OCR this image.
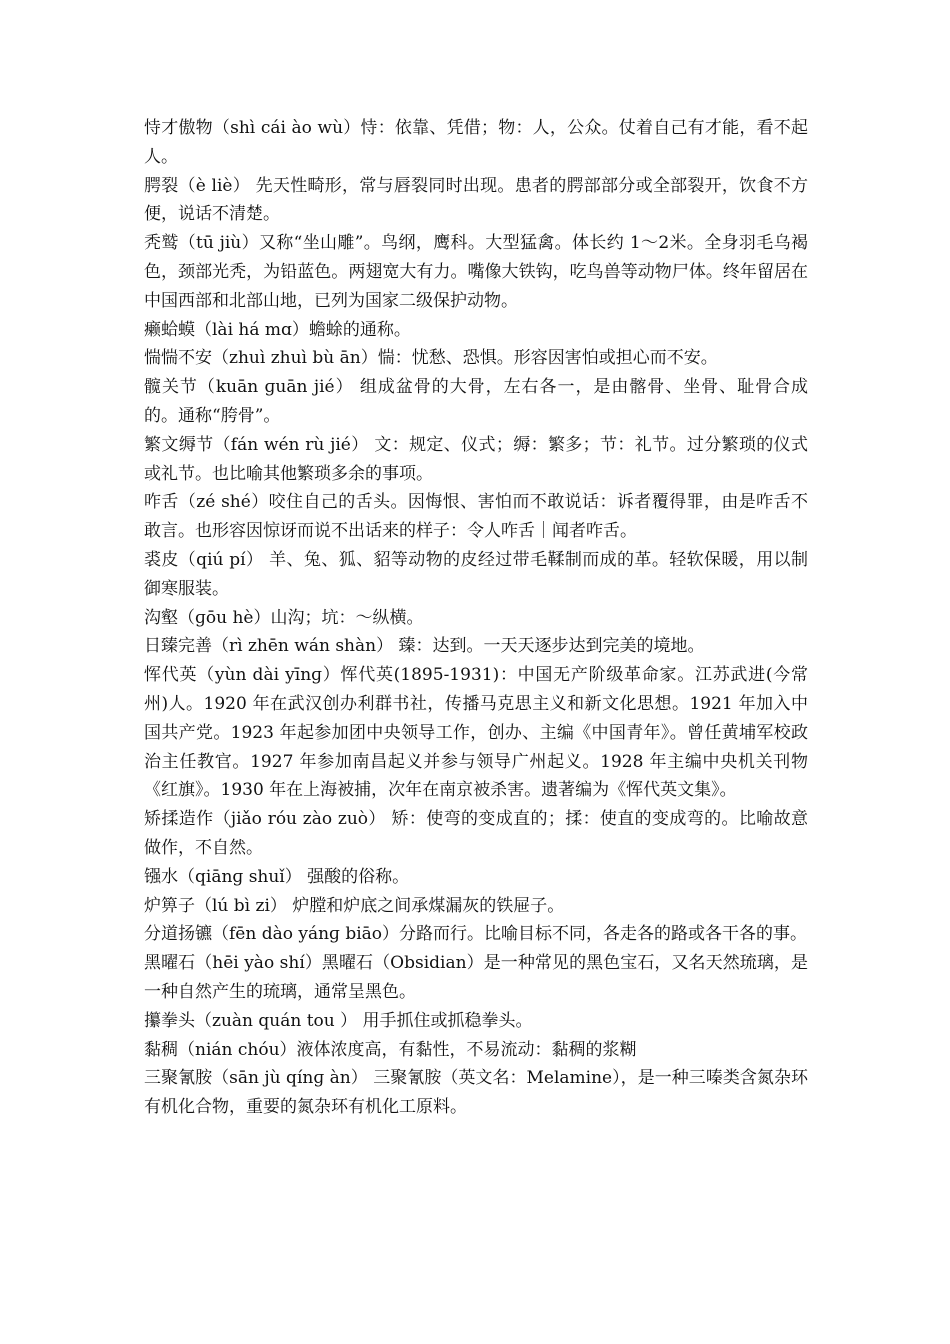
恃才傲物（shì cái ào wù）恃：依靠、凭借；物：人，公众。仗着自己有才能，看不起人。

腭裂（è liè） 先天性畸形，常与唇裂同时出现。患者的腭部部分或全部裂开，饮食不方便，说话不清楚。

秃鹫（tū jiù）又称“坐山雕”。鸟纲，鹰科。大型猛禽。体长约 1～2米。全身羽毛乌褐色，颈部光秃，为铅蓝色。两翅宽大有力。嘴像大铁钩，吃鸟兽等动物尸体。终年留居在中国西部和北部山地，已列为国家二级保护动物。

癞蛤蟆（lài há mɑ）蟾蜍的通称。

惴惴不安（zhuì zhuì bù ān）惴：忧愁、恐惧。形容因害怕或担心而不安。

髋关节（kuān ɡuān jié） 组成盆骨的大骨，左右各一，是由髂骨、坐骨、耻骨合成的。通称“胯骨”。

繁文缛节（fán wén rù jié） 文：规定、仪式；缛：繁多；节：礼节。过分繁琐的仪式或礼节。也比喻其他繁琐多余的事项。

咋舌（zé shé）咬住自己的舌头。因悔恨、害怕而不敢说话：诉者覆得罪，由是咋舌不敢言。也形容因惊讶而说不出话来的样子：令人咋舌｜闻者咋舌。

裘皮（qiú pí） 羊、兔、狐、貂等动物的皮经过带毛鞣制而成的革。轻软保暖，用以制御寒服装。

沟壑（ɡōu hè）山沟；坑：～纵横。

日臻完善（rì zhēn wán shàn） 臻：达到。一天天逐步达到完美的境地。

恽代英（yùn dài yīnɡ）恽代英(1895-1931)：中国无产阶级革命家。江苏武进(今常州)人。1920 年在武汉创办利群书社，传播马克思主义和新文化思想。1921 年加入中国共产党。1923 年起参加团中央领导工作，创办、主编《中国青年》。曾任黄埔军校政治主任教官。1927 年参加南昌起义并参与领导广州起义。1928 年主编中央机关刊物《红旗》。1930 年在上海被捕，次年在南京被杀害。遗著编为《恽代英文集》。

矫揉造作（jiǎo róu zào zuò） 矫：使弯的变成直的；揉：使直的变成弯的。比喻故意做作，不自然。

镪水（qiānɡ shuǐ） 强酸的俗称。

炉箅子（lú bì zi） 炉膛和炉底之间承煤漏灰的铁屉子。

分道扬镳（fēn dào yánɡ biāo）分路而行。比喻目标不同，各走各的路或各干各的事。

黑曜石（hēi yào shí）黑曜石（Obsidian）是一种常见的黑色宝石，又名天然琉璃，是一种自然产生的琉璃，通常呈黑色。

攥拳头（zuàn quán tou ） 用手抓住或抓稳拳头。

黏稠（nián chóu）液体浓度高，有黏性，不易流动：黏稠的浆糊

三聚氰胺（sān jù qínɡ àn） 三聚氰胺（英文名：Melamine），是一种三嗪类含氮杂环有机化合物，重要的氮杂环有机化工原料。
